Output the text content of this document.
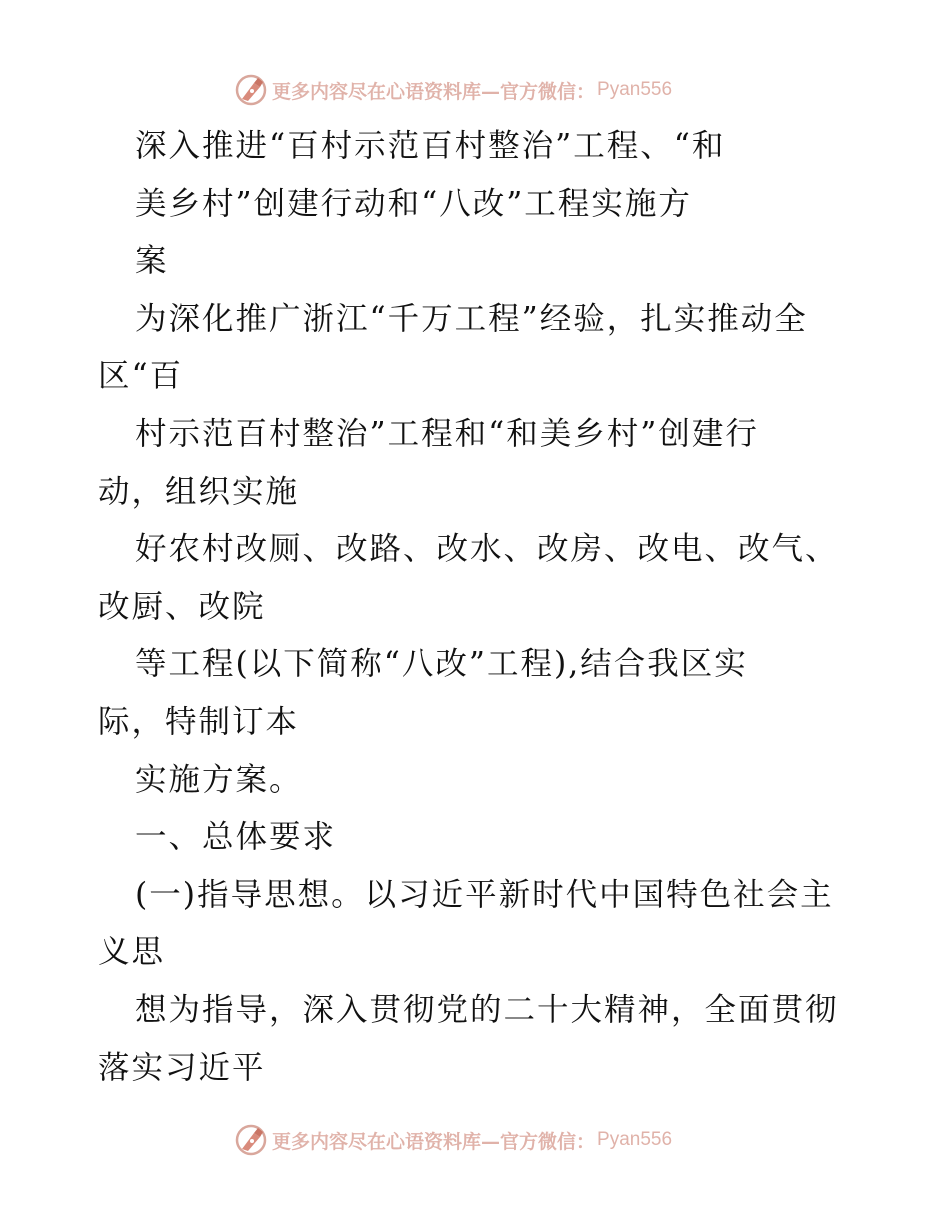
更多内容尽在心语资料库—官方微信： Pyan556
深入推进“百村示范百村整治”工程、“和
美乡村”创建行动和“八改”工程实施方
案
为深化推广浙江“千万工程”经验，扎实推动全
区“百
村示范百村整治”工程和“和美乡村”创建行
动，组织实施
好农村改厕、改路、改水、改房、改电、改气、
改厨、改院
等工程(以下简称“八改”工程),结合我区实
际，特制订本
实施方案。
一、总体要求
(一)指导思想。以习近平新时代中国特色社会主
义思
想为指导，深入贯彻党的二十大精神，全面贯彻
落实习近平
更多内容尽在心语资料库—官方微信： Pyan556
